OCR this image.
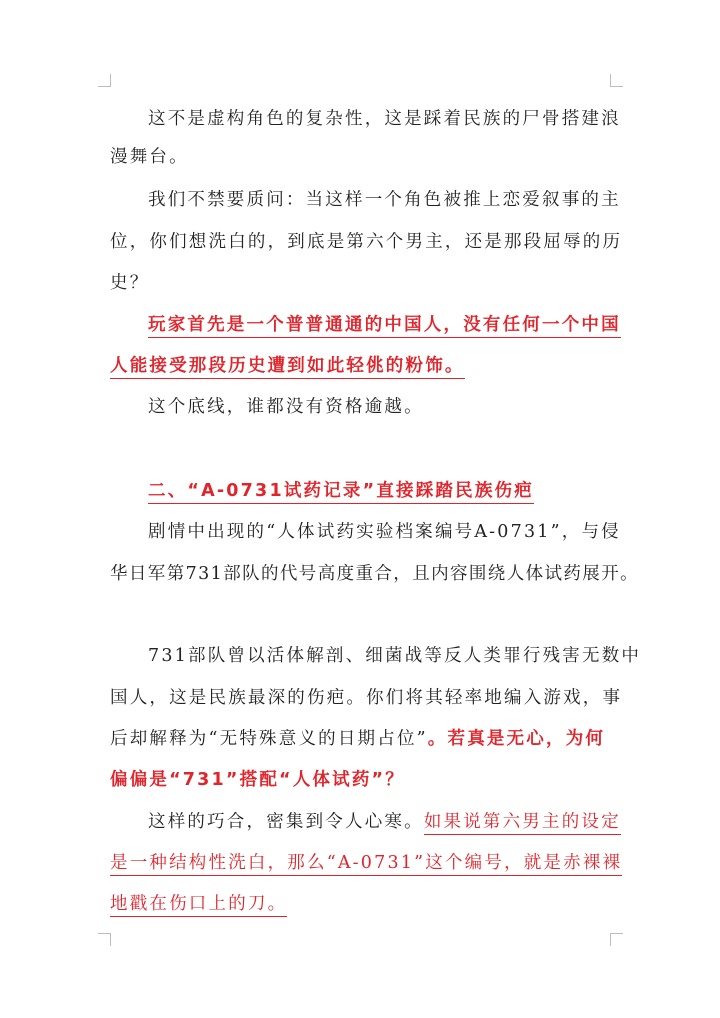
这不是虚构角色的复杂性，这是踩着民族的尸骨搭建浪
漫舞台。
我们不禁要质问：当这样一个角色被推上恋爱叙事的主
位，你们想洗白的，到底是第六个男主，还是那段屈辱的历
史？
玩家首先是一个普普通通的中国人，没有任何一个中国
人能接受那段历史遭到如此轻佻的粉饰。
这个底线，谁都没有资格逾越。
二、“A-0731试药记录”直接踩踏民族伤疤
剧情中出现的“人体试药实验档案编号A-0731”，与侵
华日军第731部队的代号高度重合，且内容围绕人体试药展开。
731部队曾以活体解剖、细菌战等反人类罪行残害无数中
国人，这是民族最深的伤疤。你们将其轻率地编入游戏，事
后却解释为“无特殊意义的日期占位”。若真是无心，为何
偏偏是“731”搭配“人体试药”？
这样的巧合，密集到令人心寒。如果说第六男主的设定
是一种结构性洗白，那么“A-0731”这个编号，就是赤裸裸
地戳在伤口上的刀。
